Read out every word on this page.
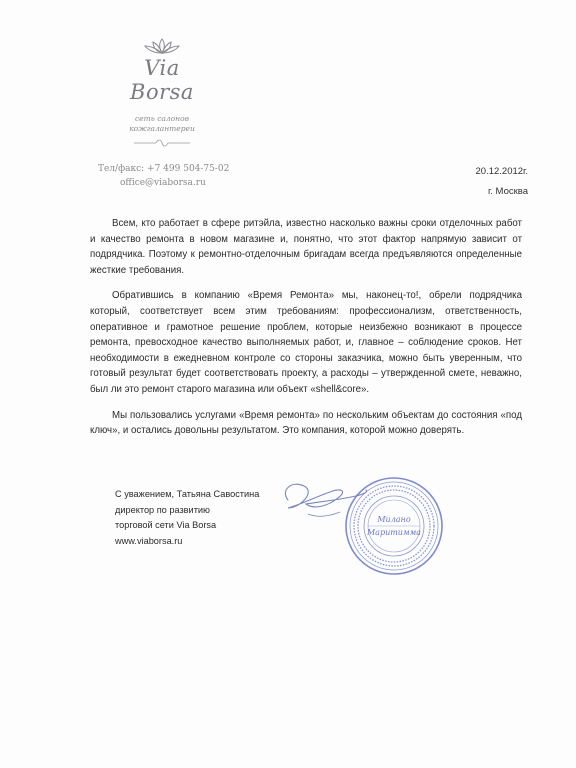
Via Borsa
сеть салонов
кожгалантереи
Тел/факс: +7 499 504-75-02
office@viaborsa.ru
20.12.2012г.
г. Москва

Всем, кто работает в сфере ритэйла, известно насколько важны сроки отделочных работ и качество ремонта в новом магазине и, понятно, что этот фактор напрямую зависит от подрядчика. Поэтому к ремонтно-отделочным бригадам всегда предъявляются определенные жесткие требования.

Обратившись в компанию «Время Ремонта» мы, наконец-то!, обрели подрядчика который, соответствует всем этим требованиям: профессионализм, ответственность, оперативное и грамотное решение проблем, которые неизбежно возникают в процессе ремонта, превосходное качество выполняемых работ, и, главное – соблюдение сроков. Нет необходимости в ежедневном контроле со стороны заказчика, можно быть уверенным, что готовый результат будет соответствовать проекту, а расходы – утвержденной смете, неважно, был ли это ремонт старого магазина или объект «shell&core».

Мы пользовались услугами «Время ремонта» по нескольким объектам до состояния «под ключ», и остались довольны результатом. Это компания, которой можно доверять.

С уважением, Татьяна Савостина
директор по развитию
торговой сети Via Borsa
www.viaborsa.ru
Милано
Маритимма
